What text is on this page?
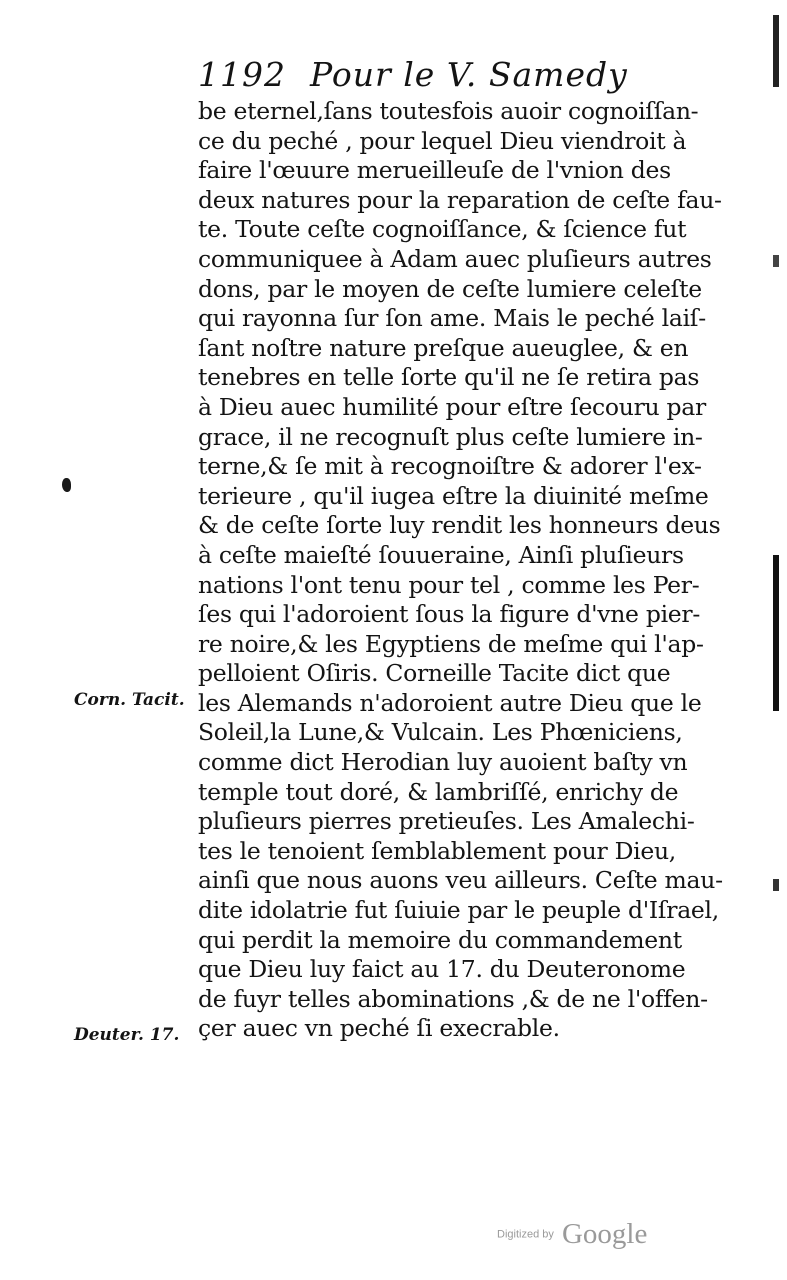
1192 Pour le V. Samedy
be eternel,ſans toutesfois auoir cognoiſſan-
ce du peché , pour lequel Dieu viendroit à
faire l'œuure merueilleuſe de l'vnion des
deux natures pour la reparation de ceſte fau-
te. Toute ceſte cognoiſſance, & ſcience fut
communiquee à Adam auec pluſieurs autres
dons, par le moyen de ceſte lumiere celeſte
qui rayonna ſur ſon ame. Mais le peché laiſ-
ſant noſtre nature preſque aueuglee, & en
tenebres en telle ſorte qu'il ne ſe retira pas
à Dieu auec humilité pour eſtre ſecouru par
grace, il ne recognuſt plus ceſte lumiere in-
terne,& ſe mit à recognoiſtre & adorer l'ex-
terieure , qu'il iugea eſtre la diuinité meſme
& de ceſte ſorte luy rendit les honneurs deus
à ceſte maieſté ſouueraine, Ainſi pluſieurs
nations l'ont tenu pour tel , comme les Per-
ſes qui l'adoroient ſous la figure d'vne pier-
re noire,& les Egyptiens de meſme qui l'ap-
pelloient Oſiris. Corneille Tacite dict que
les Alemands n'adoroient autre Dieu que le
Soleil,la Lune,& Vulcain. Les Phœniciens,
comme dict Herodian luy auoient baſty vn
temple tout doré, & lambriſſé, enrichy de
pluſieurs pierres pretieuſes. Les Amalechi-
tes le tenoient ſemblablement pour Dieu,
ainſi que nous auons veu ailleurs. Ceſte mau-
dite idolatrie fut ſuiuie par le peuple d'Iſrael,
qui perdit la memoire du commandement
que Dieu luy faict au 17. du Deuteronome
de fuyr telles abominations ,& de ne l'offen-
çer auec vn peché ſi execrable.
Corn. Tacit.
Deuter. 17.
Digitized by Google
